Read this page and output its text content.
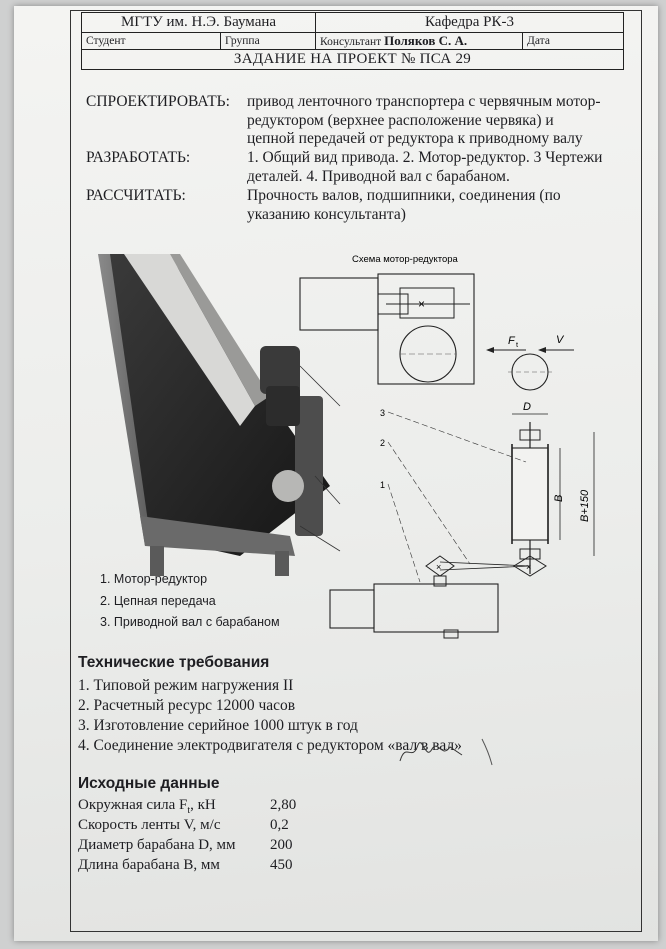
МГТУ им. Н.Э. Баумана		Кафедра РК-3	
Студент	Группа	Консультант Поляков С. А.	Дата
ЗАДАНИЕ НА ПРОЕКТ № ПСА 29			
СПРОЕКТИРОВАТЬ: привод ленточного транспортера с червячным мотор-
редуктором (верхнее расположение червяка) и
цепной передачей от редуктора к приводному валу
РАЗРАБОТАТЬ:	1. Общий вид привода. 2. Мотор-редуктор. 3 Чертежи
деталей. 4. Приводной вал с барабаном.
РАССЧИТАТЬ:	Прочность валов, подшипники, соединения (по
указанию консультанта)
1. Мотор-редуктор
2. Цепная передача
3. Приводной вал с барабаном
Схема мотор-редуктора
×
F t	V
D
×
B B+150
3
2
1
×
Технические требования
1. Типовой режим нагружения II
2. Расчетный ресурс 12000 часов
3. Изготовление серийное 1000 штук в год
4. Соединение электродвигателя с редуктором «вал в вал»
Исходные данные
Окружная сила $F_t$, кН	2,80
Скорость ленты V, м/с	0,2
Диаметр барабана D, мм 200
Длина барабана B, мм	450
